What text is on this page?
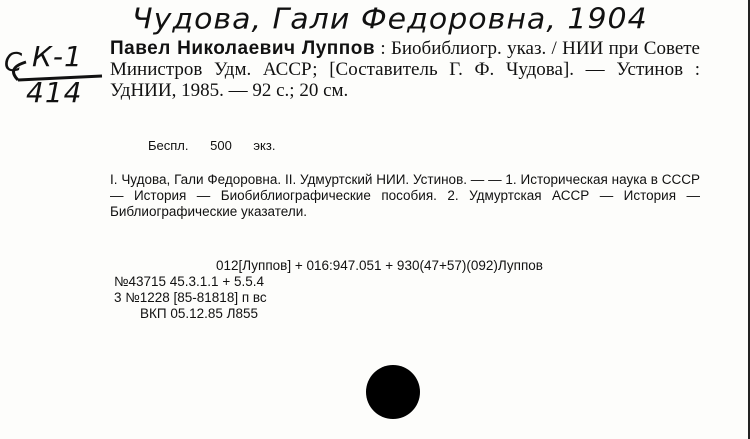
Чудова, Гали Федоровна, 1904
С К-1
414
Павел Николаевич Луппов : Биобиблиогр. указ. / НИИ при Совете Министров Удм. АССР; [Составитель Г. Ф. Чудова]. — Устинов : УдНИИ, 1985. — 92 с.; 20 см.
Беспл. 500 экз.
I. Чудова, Гали Федоровна. II. Удмуртский НИИ. Устинов. — — 1. Историческая наука в СССР — История — Биобиблиографические пособия. 2. Удмуртская АССР — История — Библиографические указатели.
012[Луппов] + 016:947.051 + 930(47+57)(092)Луппов
№43715 45.3.1.1 + 5.5.4
3 №1228 [85-81818] п вс
ВКП 05.12.85 Л855
